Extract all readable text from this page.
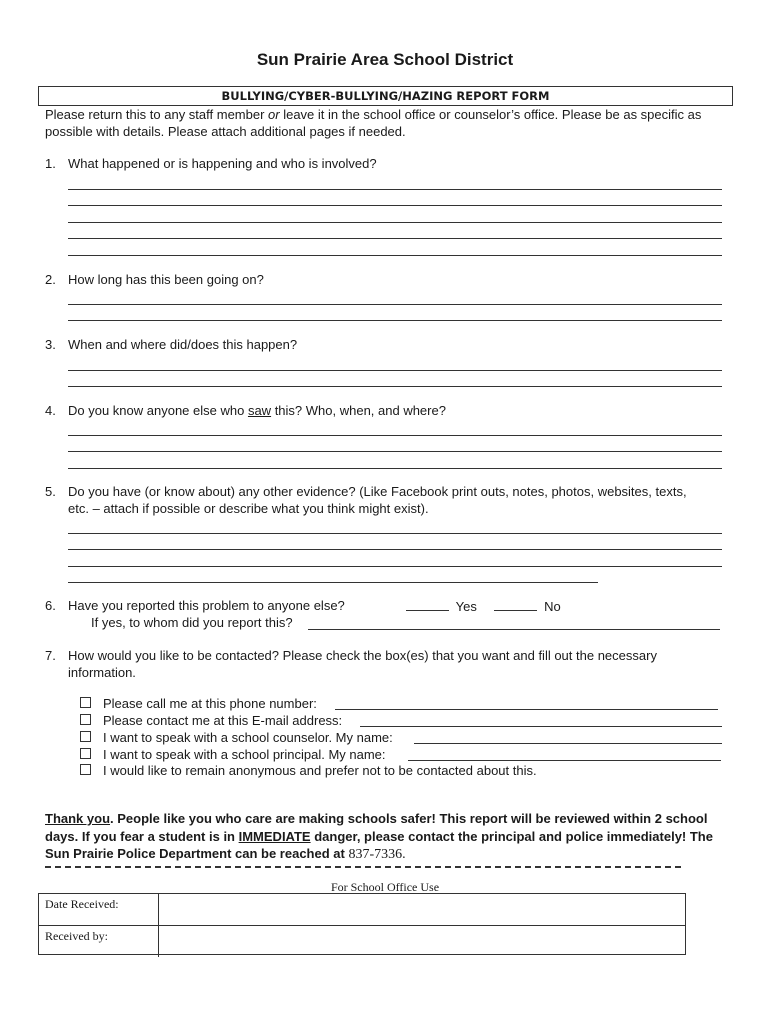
Sun Prairie Area School District
BULLYING/CYBER-BULLYING/HAZING REPORT FORM
Please return this to any staff member or leave it in the school office or counselor’s office. Please be as specific as possible with details. Please attach additional pages if needed.
1. What happened or is happening and who is involved?
2. How long has this been going on?
3. When and where did/does this happen?
4. Do you know anyone else who saw this? Who, when, and where?
5. Do you have (or know about) any other evidence? (Like Facebook print outs, notes, photos, websites, texts, etc. – attach if possible or describe what you think might exist).
6. Have you reported this problem to anyone else?	Yes	No
If yes, to whom did you report this?
7. How would you like to be contacted? Please check the box(es) that you want and fill out the necessary information.
Please call me at this phone number:
Please contact me at this E-mail address:
I want to speak with a school counselor. My name:
I want to speak with a school principal. My name:
I would like to remain anonymous and prefer not to be contacted about this.
Thank you. People like you who care are making schools safer! This report will be reviewed within 2 school days. If you fear a student is in IMMEDIATE danger, please contact the principal and police immediately! The Sun Prairie Police Department can be reached at 837-7336.
For School Office Use
Date Received:
Received by:
